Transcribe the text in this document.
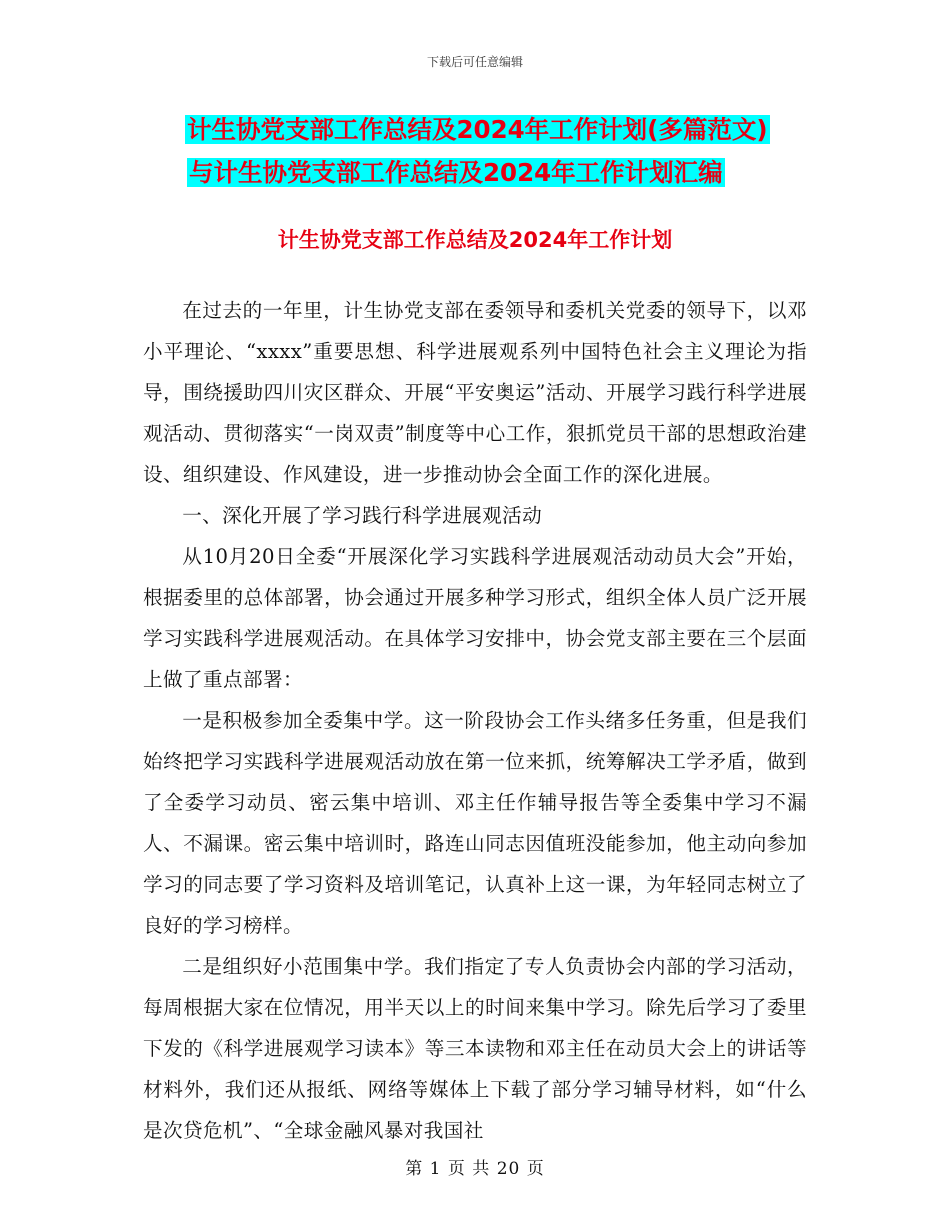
下载后可任意编辑
计生协党支部工作总结及2024年工作计划(多篇范文)
与计生协党支部工作总结及2024年工作计划汇编
计生协党支部工作总结及2024年工作计划

在过去的一年里，计生协党支部在委领导和委机关党委的领导下，以邓小平理论、“xxxx”重要思想、科学进展观系列中国特色社会主义理论为指导，围绕援助四川灾区群众、开展“平安奥运”活动、开展学习践行科学进展观活动、贯彻落实“一岗双责”制度等中心工作，狠抓党员干部的思想政治建设、组织建设、作风建设，进一步推动协会全面工作的深化进展。

一、深化开展了学习践行科学进展观活动

从10月20日全委“开展深化学习实践科学进展观活动动员大会”开始，根据委里的总体部署，协会通过开展多种学习形式，组织全体人员广泛开展学习实践科学进展观活动。在具体学习安排中，协会党支部主要在三个层面上做了重点部署：

一是积极参加全委集中学。这一阶段协会工作头绪多任务重，但是我们始终把学习实践科学进展观活动放在第一位来抓，统筹解决工学矛盾，做到了全委学习动员、密云集中培训、邓主任作辅导报告等全委集中学习不漏人、不漏课。密云集中培训时，路连山同志因值班没能参加，他主动向参加学习的同志要了学习资料及培训笔记，认真补上这一课，为年轻同志树立了良好的学习榜样。

二是组织好小范围集中学。我们指定了专人负责协会内部的学习活动，每周根据大家在位情况，用半天以上的时间来集中学习。除先后学习了委里下发的《科学进展观学习读本》等三本读物和邓主任在动员大会上的讲话等材料外，我们还从报纸、网络等媒体上下载了部分学习辅导材料，如“什么是次贷危机”、“全球金融风暴对我国社

第 1 页 共 20 页
